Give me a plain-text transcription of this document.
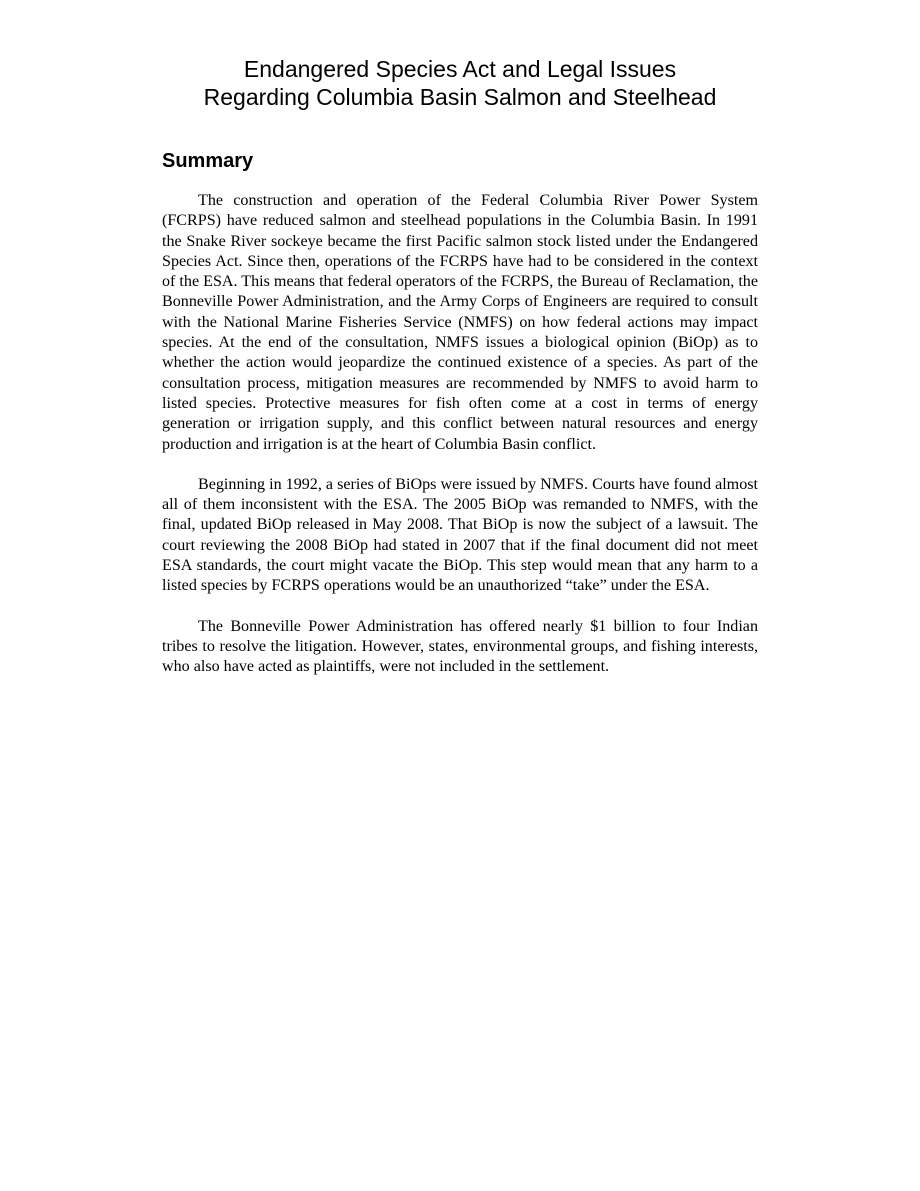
Endangered Species Act and Legal Issues
Regarding Columbia Basin Salmon and Steelhead
Summary

The construction and operation of the Federal Columbia River Power System (FCRPS) have reduced salmon and steelhead populations in the Columbia Basin. In 1991 the Snake River sockeye became the first Pacific salmon stock listed under the Endangered Species Act. Since then, operations of the FCRPS have had to be considered in the context of the ESA. This means that federal operators of the FCRPS, the Bureau of Reclamation, the Bonneville Power Administration, and the Army Corps of Engineers are required to consult with the National Marine Fisheries Service (NMFS) on how federal actions may impact species. At the end of the consultation, NMFS issues a biological opinion (BiOp) as to whether the action would jeopardize the continued existence of a species. As part of the consultation process, mitigation measures are recommended by NMFS to avoid harm to listed species. Protective measures for fish often come at a cost in terms of energy generation or irrigation supply, and this conflict between natural resources and energy production and irrigation is at the heart of Columbia Basin conflict.

Beginning in 1992, a series of BiOps were issued by NMFS. Courts have found almost all of them inconsistent with the ESA. The 2005 BiOp was remanded to NMFS, with the final, updated BiOp released in May 2008. That BiOp is now the subject of a lawsuit. The court reviewing the 2008 BiOp had stated in 2007 that if the final document did not meet ESA standards, the court might vacate the BiOp. This step would mean that any harm to a listed species by FCRPS operations would be an unauthorized “take” under the ESA.

The Bonneville Power Administration has offered nearly $1 billion to four Indian tribes to resolve the litigation. However, states, environmental groups, and fishing interests, who also have acted as plaintiffs, were not included in the settlement.
